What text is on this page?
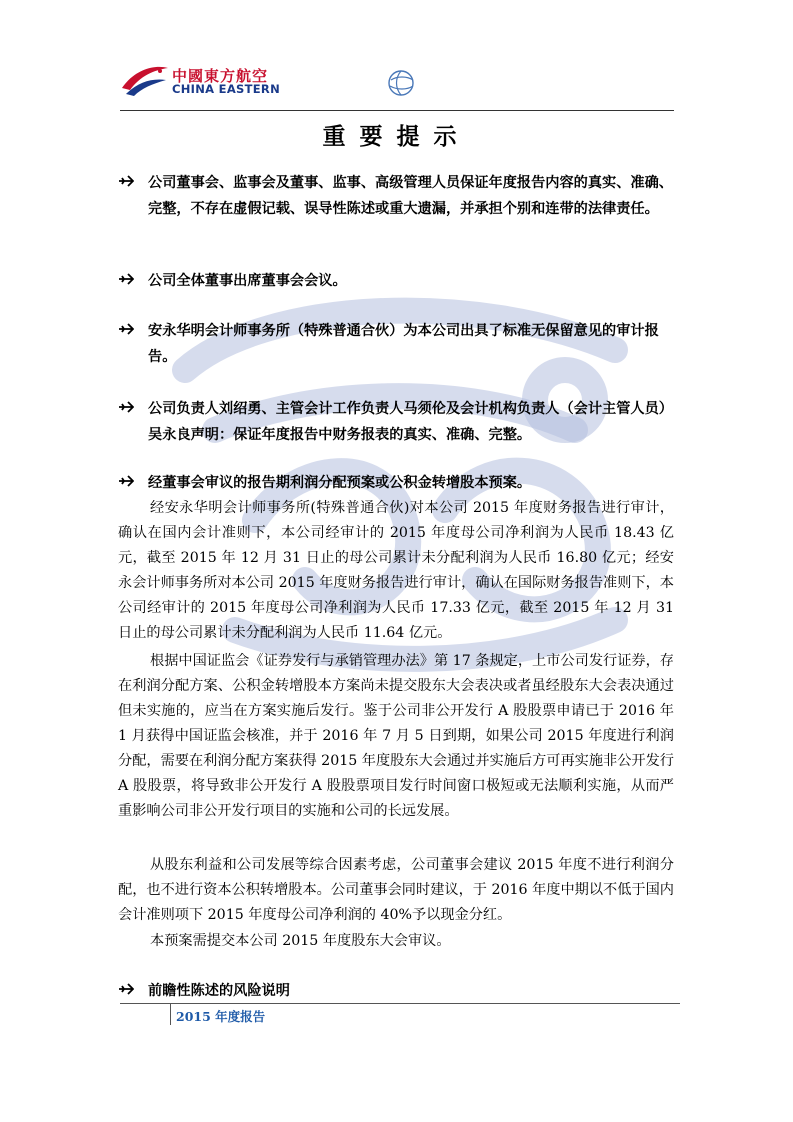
中國東方航空
CHINA EASTERN
重要提示
公司董事会、监事会及董事、监事、高级管理人员保证年度报告内容的真实、准确、完整，不存在虚假记载、误导性陈述或重大遗漏，并承担个别和连带的法律责任。
公司全体董事出席董事会会议。
安永华明会计师事务所（特殊普通合伙）为本公司出具了标准无保留意见的审计报告。
公司负责人刘绍勇、主管会计工作负责人马须伦及会计机构负责人（会计主管人员）吴永良声明：保证年度报告中财务报表的真实、准确、完整。
经董事会审议的报告期利润分配预案或公积金转增股本预案。
经安永华明会计师事务所(特殊普通合伙)对本公司 2015 年度财务报告进行审计，确认在国内会计准则下，本公司经审计的 2015 年度母公司净利润为人民币 18.43 亿元，截至 2015 年 12 月 31 日止的母公司累计未分配利润为人民币 16.80 亿元；经安永会计师事务所对本公司 2015 年度财务报告进行审计，确认在国际财务报告准则下，本公司经审计的 2015 年度母公司净利润为人民币 17.33 亿元，截至 2015 年 12 月 31 日止的母公司累计未分配利润为人民币 11.64 亿元。
根据中国证监会《证券发行与承销管理办法》第 17 条规定，上市公司发行证券，存在利润分配方案、公积金转增股本方案尚未提交股东大会表决或者虽经股东大会表决通过但未实施的，应当在方案实施后发行。鉴于公司非公开发行 A 股股票申请已于 2016 年 1 月获得中国证监会核准，并于 2016 年 7 月 5 日到期，如果公司 2015 年度进行利润分配，需要在利润分配方案获得 2015 年度股东大会通过并实施后方可再实施非公开发行 A 股股票，将导致非公开发行 A 股股票项目发行时间窗口极短或无法顺利实施，从而严重影响公司非公开发行项目的实施和公司的长远发展。
从股东利益和公司发展等综合因素考虑，公司董事会建议 2015 年度不进行利润分配，也不进行资本公积转增股本。公司董事会同时建议，于 2016 年度中期以不低于国内会计准则项下 2015 年度母公司净利润的 40%予以现金分红。
本预案需提交本公司 2015 年度股东大会审议。
前瞻性陈述的风险说明
2015 年度报告
